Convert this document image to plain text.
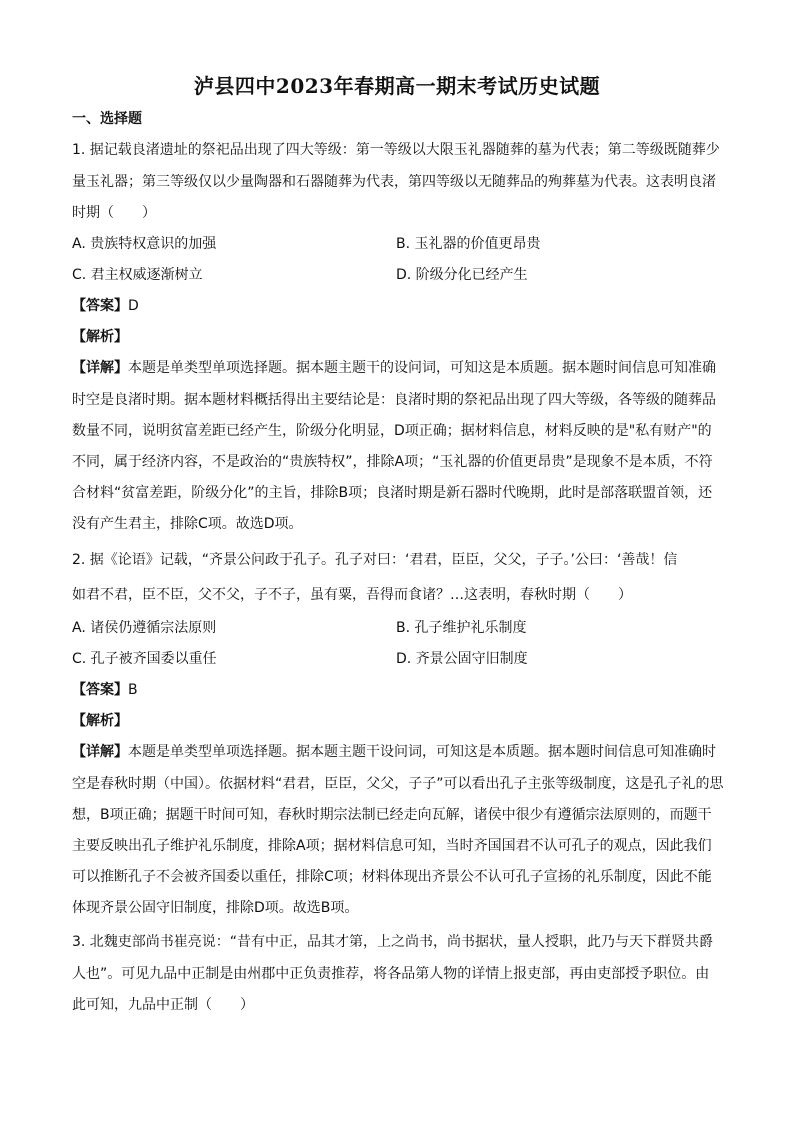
泸县四中2023年春期高一期末考试历史试题
一、选择题
1. 据记载良渚遗址的祭祀品出现了四大等级：第一等级以大限玉礼器随葬的墓为代表；第二等级既随葬少
量玉礼器；第三等级仅以少量陶器和石器随葬为代表，第四等级以无随葬品的殉葬墓为代表。这表明良渚
时期（　　）
A. 贵族特权意识的加强	B. 玉礼器的价值更昂贵
C. 君主权威逐渐树立	D. 阶级分化已经产生
【答案】D
【解析】
【详解】本题是单类型单项选择题。据本题主题干的设问词，可知这是本质题。据本题时间信息可知准确
时空是良渚时期。据本题材料概括得出主要结论是：良渚时期的祭祀品出现了四大等级，各等级的随葬品
数量不同，说明贫富差距已经产生，阶级分化明显，D项正确；据材料信息，材料反映的是"私有财产"的
不同，属于经济内容，不是政治的“贵族特权”，排除A项；“玉礼器的价值更昂贵”是现象不是本质，不符
合材料“贫富差距，阶级分化”的主旨，排除B项；良渚时期是新石器时代晚期，此时是部落联盟首领，还
没有产生君主，排除C项。故选D项。
2. 据《论语》记载，“齐景公问政于孔子。孔子对曰：‘君君，臣臣，父父，子子。’公曰：‘善哉！信
如君不君，臣不臣，父不父，子不子，虽有粟，吾得而食诸？…这表明，春秋时期（　　）
A. 诸侯仍遵循宗法原则	B. 孔子维护礼乐制度
C. 孔子被齐国委以重任	D. 齐景公固守旧制度
【答案】B
【解析】
【详解】本题是单类型单项选择题。据本题主题干设问词，可知这是本质题。据本题时间信息可知准确时
空是春秋时期（中国）。依据材料“君君，臣臣，父父，子子”可以看出孔子主张等级制度，这是孔子礼的思
想，B项正确；据题干时间可知，春秋时期宗法制已经走向瓦解，诸侯中很少有遵循宗法原则的，而题干
主要反映出孔子维护礼乐制度，排除A项；据材料信息可知，当时齐国国君不认可孔子的观点，因此我们
可以推断孔子不会被齐国委以重任，排除C项；材料体现出齐景公不认可孔子宣扬的礼乐制度，因此不能
体现齐景公固守旧制度，排除D项。故选B项。
3. 北魏吏部尚书崔亮说：“昔有中正，品其才第，上之尚书，尚书据状，量人授职，此乃与天下群贤共爵
人也”。可见九品中正制是由州郡中正负责推荐，将各品第人物的详情上报吏部，再由吏部授予职位。由
此可知，九品中正制（　　）
